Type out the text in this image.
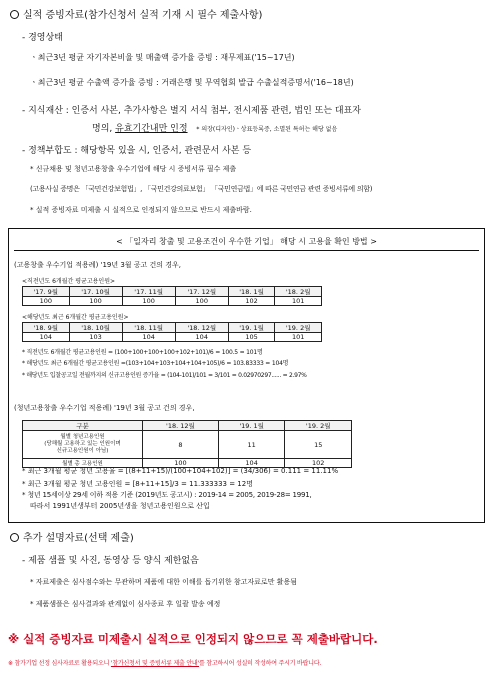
실적 증빙자료(참가신청서 실적 기재 시 필수 제출사항)
- 경영상태
ㆍ최근3년 평균 자기자본비율 및 매출액 증가율 증빙 : 재무제표('15~17년)
ㆍ최근3년 평균 수출액 증가율 증빙 : 거래은행 및 무역협회 발급 수출실적증명서('16~18년)
- 지식재산 : 인증서 사본, 추가사항은 별지 서식 첨부, 전시제품 관련, 법인 또는 대표자
명의, 유효기간내만 인정 * 의장(디자인)ㆍ상표등록증, 소멸된 특허는 해당 없음
- 정책부합도 : 해당항목 있을 시, 인증서, 관련문서 사본 등
* 신규채용 및 청년고용창출 우수기업에 해당 시 증빙서류 필수 제출
(고용사실 증명은 「국민건강보험법」, 「국민건강의료보험」 「국민연금법」에 따른 국민연금 관련 증빙서류에 의함)
* 실적 증빙자료 미제출 시 실적으로 인정되지 않으므로 반드시 제출바람.
< 「일자리 창출 및 고용조건이 우수한 기업」 해당 시 고용율 확인 방법 >
(고용창출 우수기업 적용례) '19년 3월 공고 건의 경우,
<직전년도 6개월간 평균고용인원>
'17. 9월	'17. 10월	'17. 11월	'17. 12월	'18. 1월	'18. 2월
100	100	100	100	102	101
<해당년도 최근 6개월간 평균고용인원>
'18. 9월	'18. 10월	'18. 11월	'18. 12월	'19. 1월	'19. 2월
104	103	104	104	105	101
* 직전년도 6개월간 평균고용인원 = (100+100+100+100+102+101)/6 = 100.5 = 101명
* 해당년도 최근 6개월간 평균고용인원 =(103+104+103+104+104+105)/6 = 103.83333 = 104명
* 해당년도 입찰공고일 전월까지의 신규고용인원 증가율 = (104-101)/101 = 3/101 = 0.02970297...... = 2.97%
(청년고용창출 우수기업 적용례) '19년 3월 공고 건의 경우,
구분	'18. 12월	'19. 1월	'19. 2월

월별 청년고용인원
(당해월 고용하고 있는 인원이며
신규고용인원이 아님)	8	11	15
월별 총 고용인원	100	104	102
* 최근 3개월 평균 청년 고용율 = [(8+11+15)/(100+104+102)] = (34/306) = 0.111 = 11.11%
* 최근 3개월 평균 청년 고용인원 = [8+11+15]/3 = 11.333333 = 12명
* 청년 15세이상 29세 이하 적용 기준 (2019년도 공고시) : 2019-14 = 2005, 2019-28= 1991,
따라서 1991년생부터 2005년생을 청년고용인원으로 산입
추가 설명자료(선택 제출)
- 제품 샘플 및 사진, 동영상 등 양식 제한없음
* 자료제출은 심사점수와는 무관하며 제품에 대한 이해를 돕기위한 참고자료로만 활용됨
* 제품샘플은 심사결과와 관계없이 심사종료 후 일괄 발송 예정
※ 실적 증빙자료 미제출시 실적으로 인정되지 않으므로 꼭 제출바랍니다.
※ 참가기업 선정 심사자료로 활용되오니 '참가신청서 및 증빙서류 제출 안내'를 참고하시어 성실히 작성하여 주시기 바랍니다.
